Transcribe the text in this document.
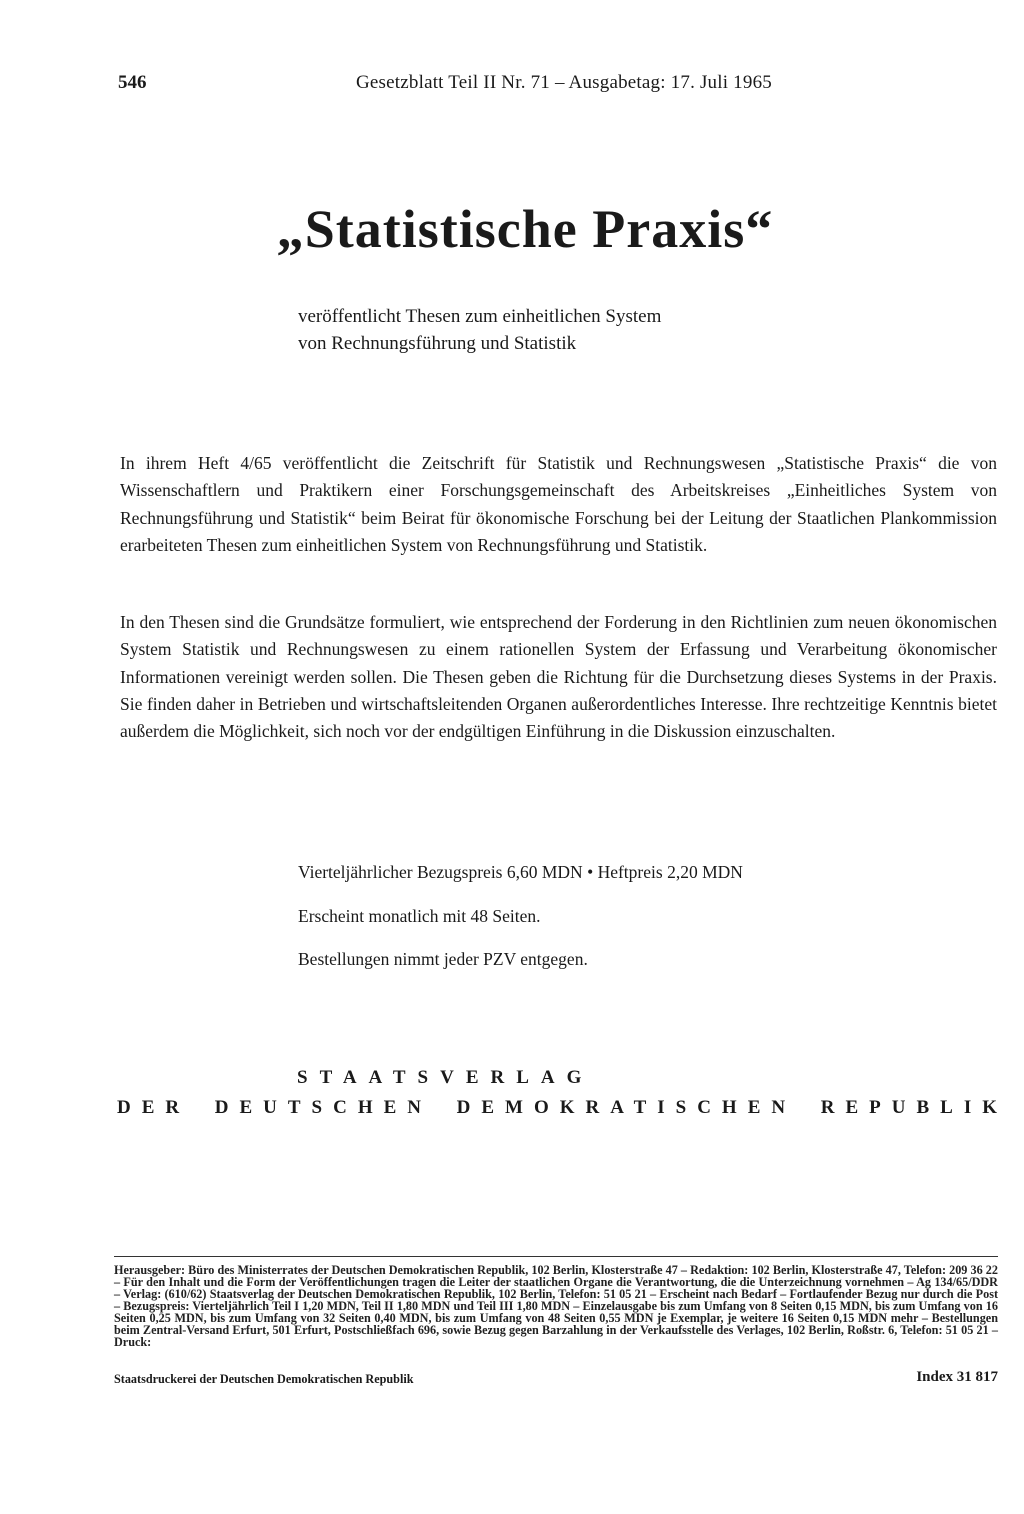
546	Gesetzblatt Teil II Nr. 71 – Ausgabetag: 17. Juli 1965
„Statistische Praxis“
veröffentlicht Thesen zum einheitlichen System
von Rechnungsführung und Statistik
In ihrem Heft 4/65 veröffentlicht die Zeitschrift für Statistik und Rechnungswesen „Statistische Praxis“ die von Wissenschaftlern und Praktikern einer Forschungsgemeinschaft des Arbeitskreises „Einheitliches System von Rechnungsführung und Statistik“ beim Beirat für ökonomische Forschung bei der Leitung der Staatlichen Plankommission erarbeiteten Thesen zum einheitlichen System von Rechnungsführung und Statistik.
In den Thesen sind die Grundsätze formuliert, wie entsprechend der Forderung in den Richtlinien zum neuen ökonomischen System Statistik und Rechnungswesen zu einem rationellen System der Erfassung und Verarbeitung ökonomischer Informationen vereinigt werden sollen. Die Thesen geben die Richtung für die Durchsetzung dieses Systems in der Praxis. Sie finden daher in Betrieben und wirtschaftsleitenden Organen außerordentliches Interesse. Ihre rechtzeitige Kenntnis bietet außerdem die Möglichkeit, sich noch vor der endgültigen Einführung in die Diskussion einzuschalten.
Vierteljährlicher Bezugspreis 6,60 MDN • Heftpreis 2,20 MDN
Erscheint monatlich mit 48 Seiten.
Bestellungen nimmt jeder PZV entgegen.
STAATSVERLAG
DER DEUTSCHEN DEMOKRATISCHEN REPUBLIK
Herausgeber: Büro des Ministerrates der Deutschen Demokratischen Republik, 102 Berlin, Klosterstraße 47 – Redaktion: 102 Berlin, Klosterstraße 47, Telefon: 209 36 22 – Für den Inhalt und die Form der Veröffentlichungen tragen die Leiter der staatlichen Organe die Verantwortung, die die Unterzeichnung vornehmen – Ag 134/65/DDR – Verlag: (610/62) Staatsverlag der Deutschen Demokratischen Republik, 102 Berlin, Telefon: 51 05 21 – Erscheint nach Bedarf – Fortlaufender Bezug nur durch die Post – Bezugspreis: Vierteljährlich Teil I 1,20 MDN, Teil II 1,80 MDN und Teil III 1,80 MDN – Einzelausgabe bis zum Umfang von 8 Seiten 0,15 MDN, bis zum Umfang von 16 Seiten 0,25 MDN, bis zum Umfang von 32 Seiten 0,40 MDN, bis zum Umfang von 48 Seiten 0,55 MDN je Exemplar, je weitere 16 Seiten 0,15 MDN mehr – Bestellungen beim Zentral-Versand Erfurt, 501 Erfurt, Postschließfach 696, sowie Bezug gegen Barzahlung in der Verkaufsstelle des Verlages, 102 Berlin, Roßstr. 6, Telefon: 51 05 21 – Druck:
Staatsdruckerei der Deutschen Demokratischen Republik	Index 31 817
